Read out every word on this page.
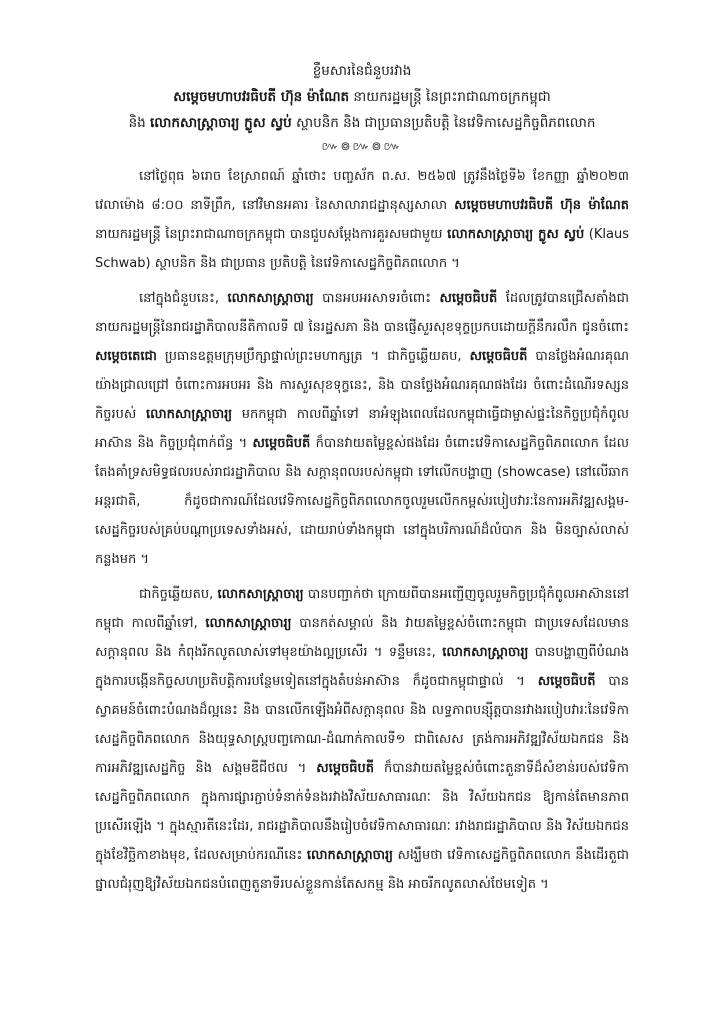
ខ្លឹមសារនៃជំនួបរវាង
សម្តេចមហាបវរធិបតី ហ៊ុន ម៉ាណែត នាយករដ្ឋមន្ត្រី នៃព្រះរាជាណាចក្រកម្ពុជា
និង លោកសាស្ត្រាចារ្យ ក្លូស ស្វប់ ស្ថាបនិក និង ជាប្រធានប្រតិបត្តិ នៃវេទិកាសេដ្ឋកិច្ចពិភពលោក
៚៙៚៙៚
នៅថ្ងៃពុធ ៦រោច ខែស្រាពណ៍ ឆ្នាំថោះ បញ្ចស័ក ព.ស. ២៥៦៧ ត្រូវនឹងថ្ងៃទី៦ ខែកញ្ញា ឆ្នាំ២០២៣ វេលាម៉ោង ៨:០០ នាទីព្រឹក, នៅវិមានអគារ នៃសាលារាជដ្ឋានុស្សសាលា សម្តេចមហាបវរធិបតី ហ៊ុន ម៉ាណែត នាយករដ្ឋមន្ត្រី នៃព្រះរាជាណាចក្រកម្ពុជា បានជួបសម្តែងការគួរសមជាមួយ លោកសាស្ត្រាចារ្យ ក្លូស ស្វប់ (Klaus Schwab) ស្ថាបនិក និង ជាប្រធាន ប្រតិបត្តិ នៃវេទិកាសេដ្ឋកិច្ចពិភពលោក ។
នៅក្នុងជំនួបនេះ, លោកសាស្ត្រាចារ្យ បានអបអរសាទរចំពោះ សម្តេចធិបតី ដែលត្រូវបានជ្រើសតាំងជានាយករដ្ឋមន្ត្រីនៃរាជរដ្ឋាភិបាលនីតិកាលទី ៧ នៃរដ្ឋសភា និង បានផ្ញើសួរសុខទុក្ខប្រកបដោយក្តីនឹករលឹក ជូនចំពោះ សម្តេចតេជោ ប្រធានឧត្តមក្រុមប្រឹក្សាផ្ទាល់ព្រះមហាក្សត្រ ។ ជាកិច្ចឆ្លើយតប, សម្តេចធិបតី បានថ្លែងអំណរគុណយ៉ាងជ្រាលជ្រៅ ចំពោះការអបអរ និង ការសួរសុខទុក្ខនេះ, និង បានថ្លែងអំណរគុណផងដែរ ចំពោះដំណើរទស្សនកិច្ចរបស់ លោកសាស្ត្រាចារ្យ មកកម្ពុជា កាលពីឆ្នាំទៅ នាអំឡុងពេលដែលកម្ពុជាធ្វើជាម្ចាស់ផ្ទះនៃកិច្ចប្រជុំកំពូលអាស៊ាន និង កិច្ចប្រជុំពាក់ព័ន្ធ ។ សម្តេចធិបតី ក៏បានវាយតម្លៃខ្ពស់ផងដែរ ចំពោះវេទិកាសេដ្ឋកិច្ចពិភពលោក ដែលតែងគាំទ្រសមិទ្ធផលរបស់រាជរដ្ឋាភិបាល និង សក្តានុពលរបស់កម្ពុជា ទៅលើកបង្ហាញ (showcase) នៅលើឆាកអន្តរជាតិ, ក៏ដូចជាការណ៍ដែលវេទិកាសេដ្ឋកិច្ចពិភពលោកចូលរួមលើកកម្ពស់របៀបវារៈនៃការអភិវឌ្ឍសង្គម-សេដ្ឋកិច្ចរបស់គ្រប់បណ្តាប្រទេសទាំងអស់, ដោយរាប់ទាំងកម្ពុជា នៅក្នុងបរិការណ៍ដ៏លំបាក និង មិនច្បាស់លាស់កន្លងមក ។
ជាកិច្ចឆ្លើយតប, លោកសាស្ត្រាចារ្យ បានបញ្ជាក់ថា ក្រោយពីបានអញ្ជើញចូលរួមកិច្ចប្រជុំកំពូលអាស៊ាននៅកម្ពុជា កាលពីឆ្នាំទៅ, លោកសាស្ត្រាចារ្យ បានកត់សម្គាល់ និង វាយតម្លៃខ្ពស់ចំពោះកម្ពុជា ជាប្រទេសដែលមានសក្តានុពល និង កំពុងរីកលូតលាស់ទៅមុខយ៉ាងល្អប្រសើរ ។ ទន្ទឹមនេះ, លោកសាស្ត្រាចារ្យ បានបង្ហាញពីបំណង ក្នុងការបង្កើនកិច្ចសហប្រតិបត្តិការបន្ថែមទៀតនៅក្នុងតំបន់អាស៊ាន ក៏ដូចជាកម្ពុជាផ្ទាល់ ។ សម្តេចធិបតី បានស្វាគមន៍ចំពោះបំណងដ៏ល្អនេះ និង បានលើកឡើងអំពីសក្តានុពល និង លទ្ធភាពបន្សុីត្តបានរវាងរបៀបវារៈនៃវេទិកាសេដ្ឋកិច្ចពិភពលោក និងយុទ្ធសាស្ត្របញ្ចកោណ-ដំណាក់កាលទី១ ជាពិសេស ត្រង់ការអភិវឌ្ឍវិស័យឯកជន និង ការអភិវឌ្ឍសេដ្ឋកិច្ច និង សង្គមឌីជីថល ។ សម្តេចធិបតី ក៏បានវាយតម្លៃខ្ពស់ចំពោះតួនាទីដ៏សំខាន់របស់វេទិកាសេដ្ឋកិច្ចពិភពលោក ក្នុងការផ្សារភ្ជាប់ទំនាក់ទំនងរវាងវិស័យសាធារណៈ និង វិស័យឯកជន ឱ្យកាន់តែមានភាពប្រសើរឡើង ។ ក្នុងស្មារតីនេះដែរ, រាជរដ្ឋាភិបាលនឹងរៀបចំវេទិកាសាធារណៈ រវាងរាជរដ្ឋាភិបាល និង វិស័យឯកជន ក្នុងខែវិច្ឆិកាខាងមុខ, ដែលសម្រាប់ករណីនេះ លោកសាស្ត្រាចារ្យ សង្ឃឹមថា វេទិកាសេដ្ឋកិច្ចពិភពលោក នឹងដើរតួជាផ្នាលជំរុញឱ្យវិស័យឯកជនបំពេញតួនាទីរបស់ខ្លួនកាន់តែសកម្ម និង អាចរីកលូតលាស់ថែមទៀត ។
